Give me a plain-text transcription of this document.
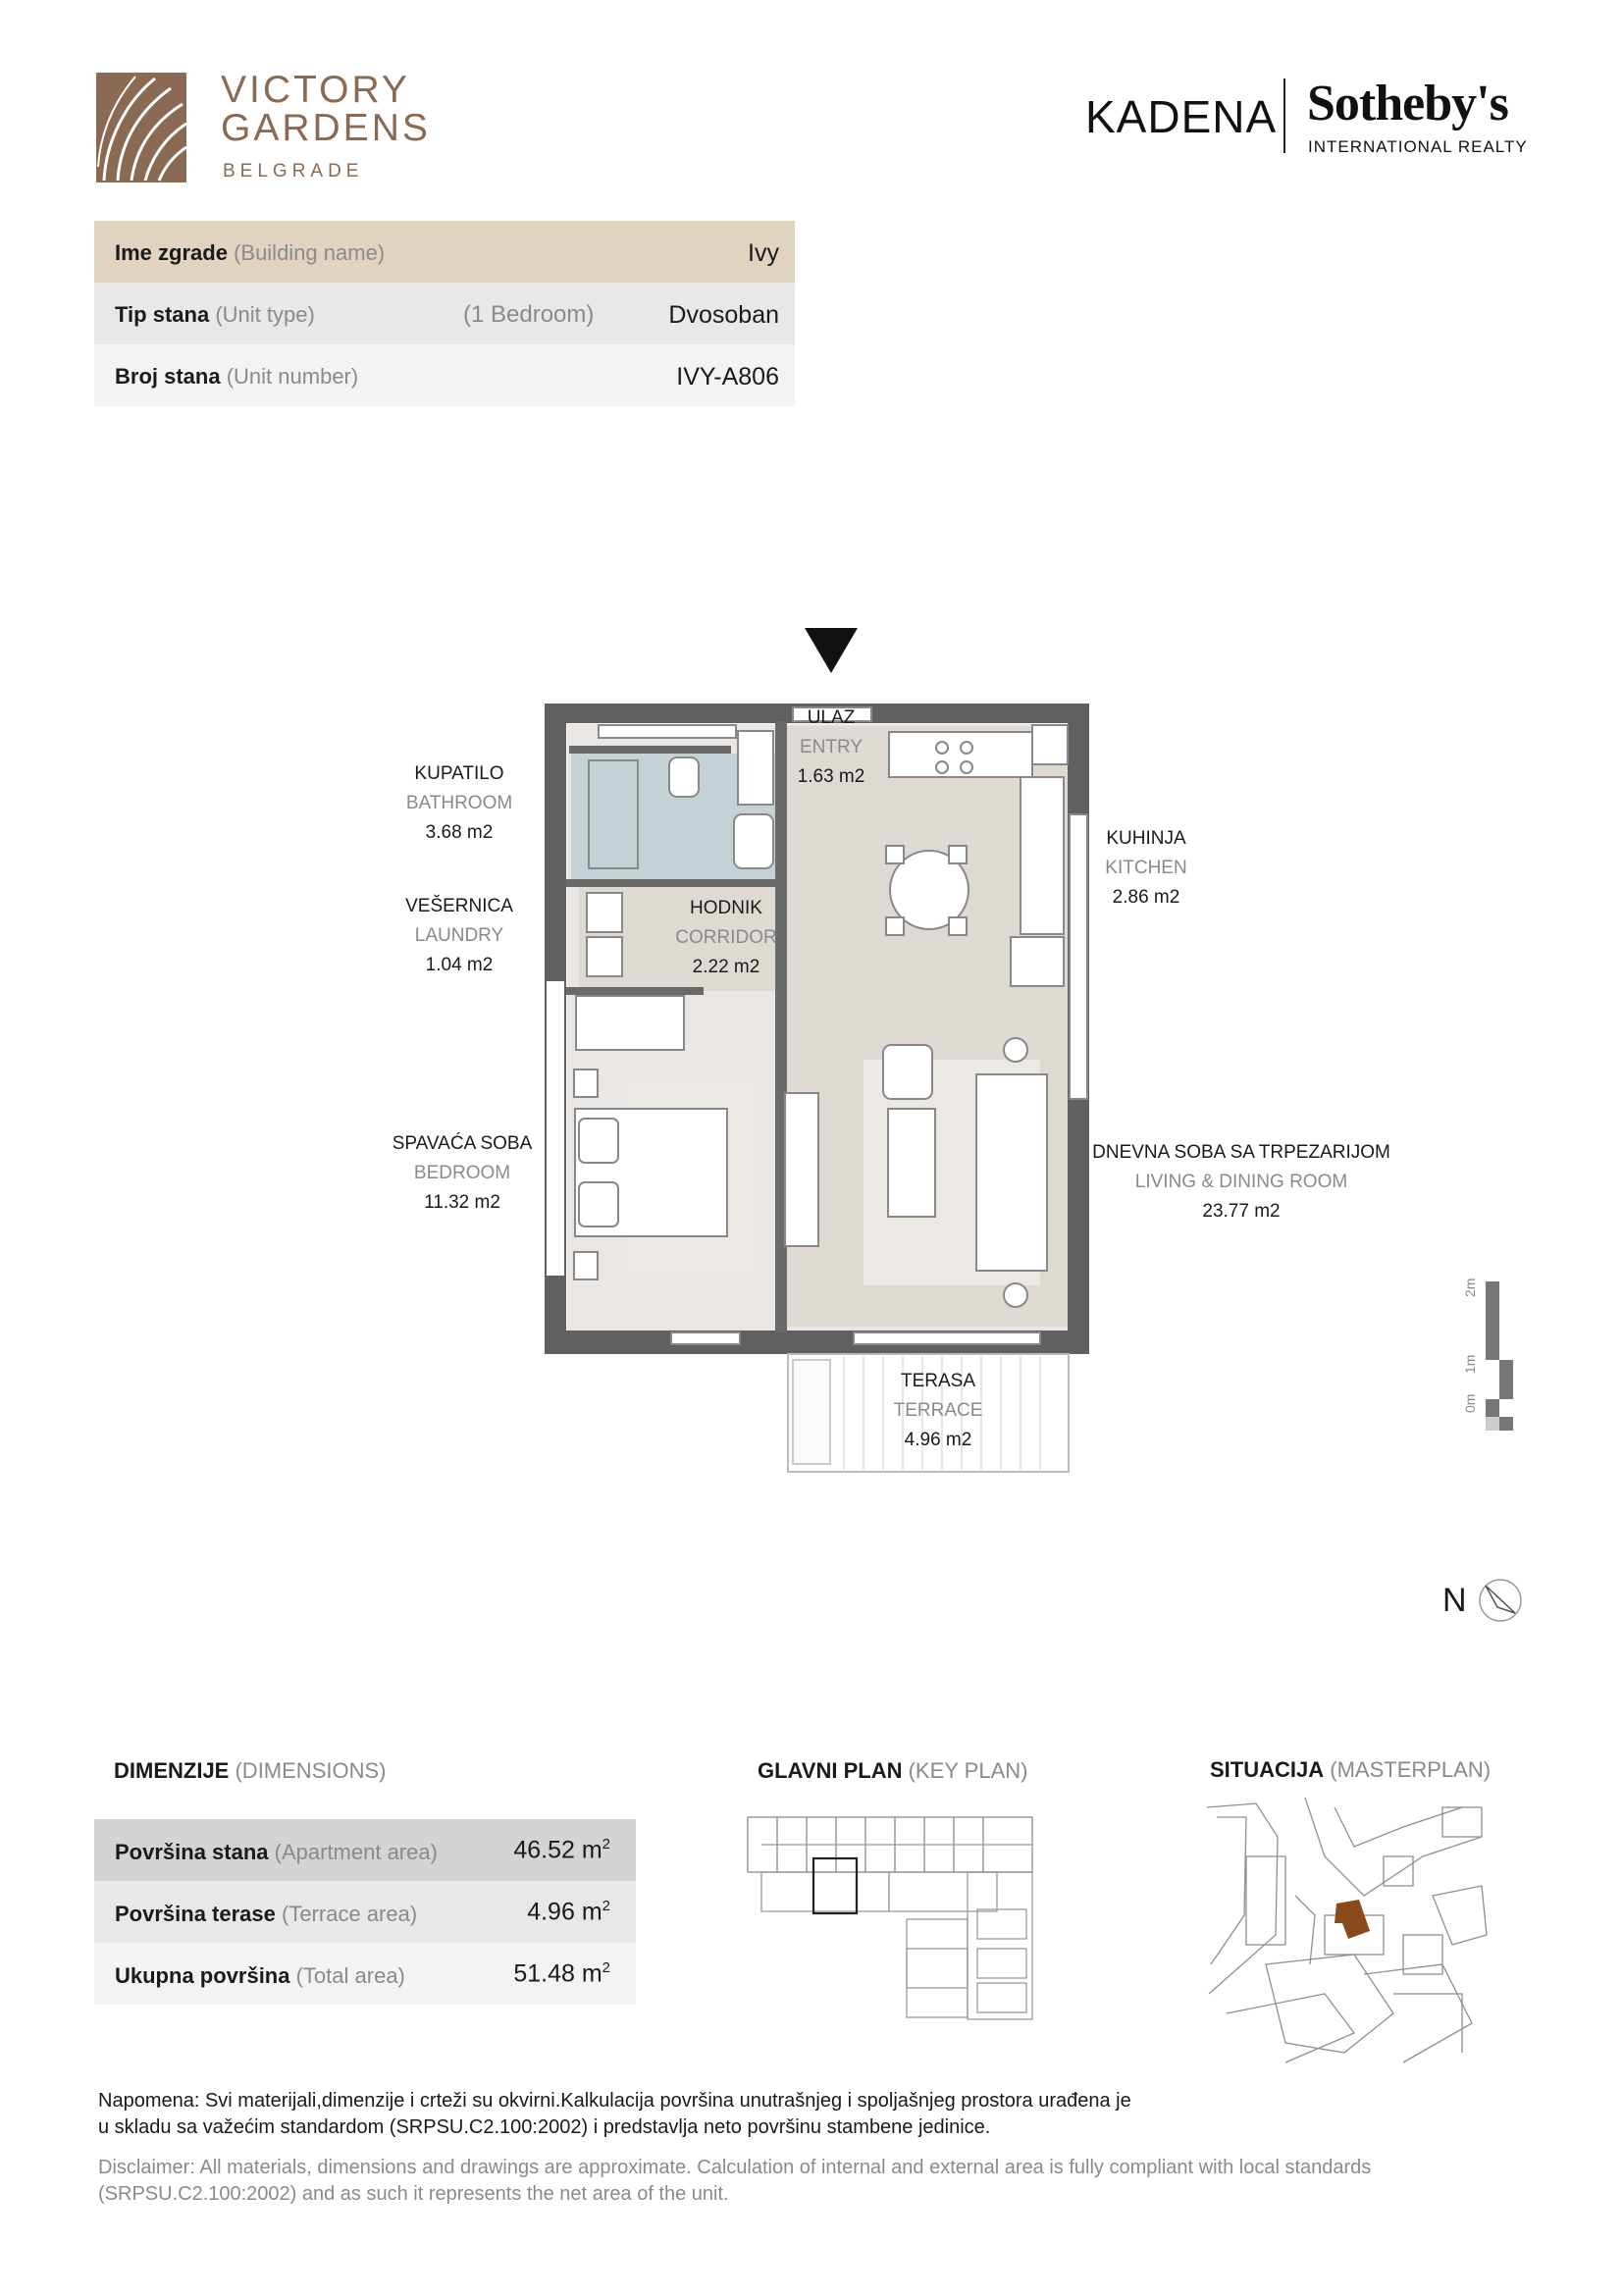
VICTORY
GARDENS
BELGRADE
KADENA Sotheby's
INTERNATIONAL REALTY
Ime zgrade (Building name)	Ivy
Tip stana (Unit type)	(1 Bedroom)	Dvosoban
Broj stana (Unit number)	IVY-A806
KUPATILO
BATHROOM
3.68 m2
VEŠERNICA
LAUNDRY
1.04 m2
SPAVAĆA SOBA
BEDROOM
11.32 m2
ULAZ
ENTRY
1.63 m2
HODNIK
CORRIDOR
2.22 m2
KUHINJA
KITCHEN
2.86 m2
DNEVNA SOBA SA TRPEZARIJOM
LIVING & DINING ROOM
23.77 m2
TERASA
TERRACE
4.96 m2
0m
1m
2m
N
DIMENZIJE (DIMENSIONS)
Površina stana (Apartment area)	46.52 $m^2$
Površina terase (Terrace area)	4.96 $m^2$
Ukupna površina (Total area)	51.48 $m^2$
GLAVNI PLAN (KEY PLAN)	SITUACIJA (MASTERPLAN)
Napomena: Svi materijali,dimenzije i crteži su okvirni.Kalkulacija površina unutrašnjeg i spoljašnjeg prostora urađena je
u skladu sa važećim standardom (SRPSU.C2.100:2002) i predstavlja neto površinu stambene jedinice.
Disclaimer: All materials, dimensions and drawings are approximate. Calculation of internal and external area is fully compliant with local standards
(SRPSU.C2.100:2002) and as such it represents the net area of the unit.
